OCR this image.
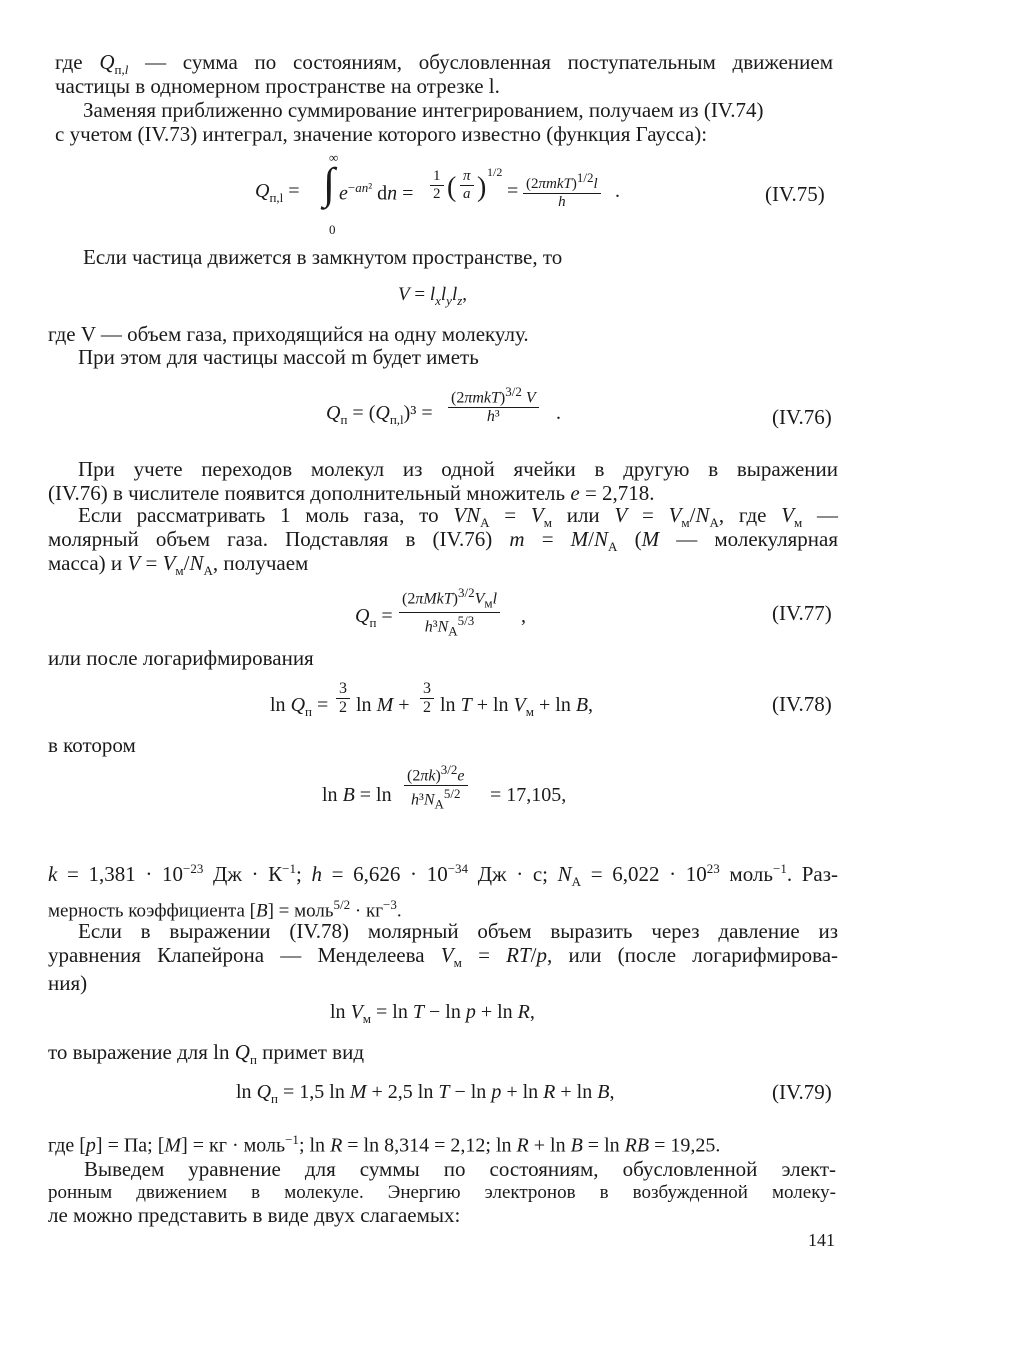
где $Q_{п,l}$ — сумма по состояниям, обусловленная поступательным движением
частицы в одномерном пространстве на отрезке l.
Заменяя приближенно суммирование интегрированием, получаем из (IV.74)
с учетом (IV.73) интеграл, значение которого известно (функция Гаусса):
∞
$Q_{п,l}$ = ∫ $e^{-an^2}$ dn = $\frac{1}{2}$ ( $\frac{\pi}{a}$ ) 1/2
= $(2\pi mkT)^{1/2}l$
h	.
0
(IV.75)
Если частица движется в замкнутом пространстве, то
$V = l_xl_yl_z$,
где V — объем газа, приходящийся на одну молекулу.
При этом для частицы массой m будет иметь
$Q_п = (Q_{п,l})^3$ =
$(2\pi mkT)^{3/2}$ V
h³	.	(IV.76)
При учете переходов молекул из одной ячейки в другую в выражении
(IV.76) в числителе появится дополнительный множитель e = 2,718.
Если рассматривать 1 моль газа, то $VN_А = V_м$ или $V = V_м/N_А$, где $V_м$ —
молярный объем газа. Подставляя в (IV.76) $m = M/N_А$ (M — молекулярная
масса) и $V = V_м/N_А$, получаем
$Q_п$ =
$(2\pi MkT)^{3/2}V_мl$
$h^3N_А^{5/3}$	,	(IV.77)
или после логарифмирования
$\ln Q_п = \frac{3}{2}$ $\ln M + \frac{3}{2}$ $\ln T + \ln V_м + \ln B$,	(IV.78)
в котором
ln B = ln
$(2\pi k)^{3/2}e$
$h^3N_А^{5/2}$	= 17,105,
$k = 1,381 \cdot 10^{-23}$ Дж · $К^{-1}$; $h = 6,626 \cdot 10^{-34}$ Дж · с; $N_А = 6,022 \cdot 10^{23}$ моль$^{-1}$. Раз-
мерность коэффициента [B] = моль$^{5/2}$ · $кг^{-3}$.
Если в выражении (IV.78) молярный объем выразить через давление из
уравнения Клапейрона — Менделеева $V_м = RT/p$, или (после логарифмирова-
ния)
$\ln V_м = \ln T - \ln p + \ln R$,
то выражение для $\ln Q_п$ примет вид
$\ln Q_п = 1,5$ ln M + 2,5 ln T − ln p + ln R + ln B,	(IV.79)
где [p] = Па; [M] = кг · моль$^{-1}$; ln R = ln 8,314 = 2,12; ln R + ln B = ln RB = 19,25.
Выведем уравнение для суммы по состояниям, обусловленной элект-
ронным движением в молекуле. Энергию электронов в возбужденной молеку-
ле можно представить в виде двух слагаемых:
141
